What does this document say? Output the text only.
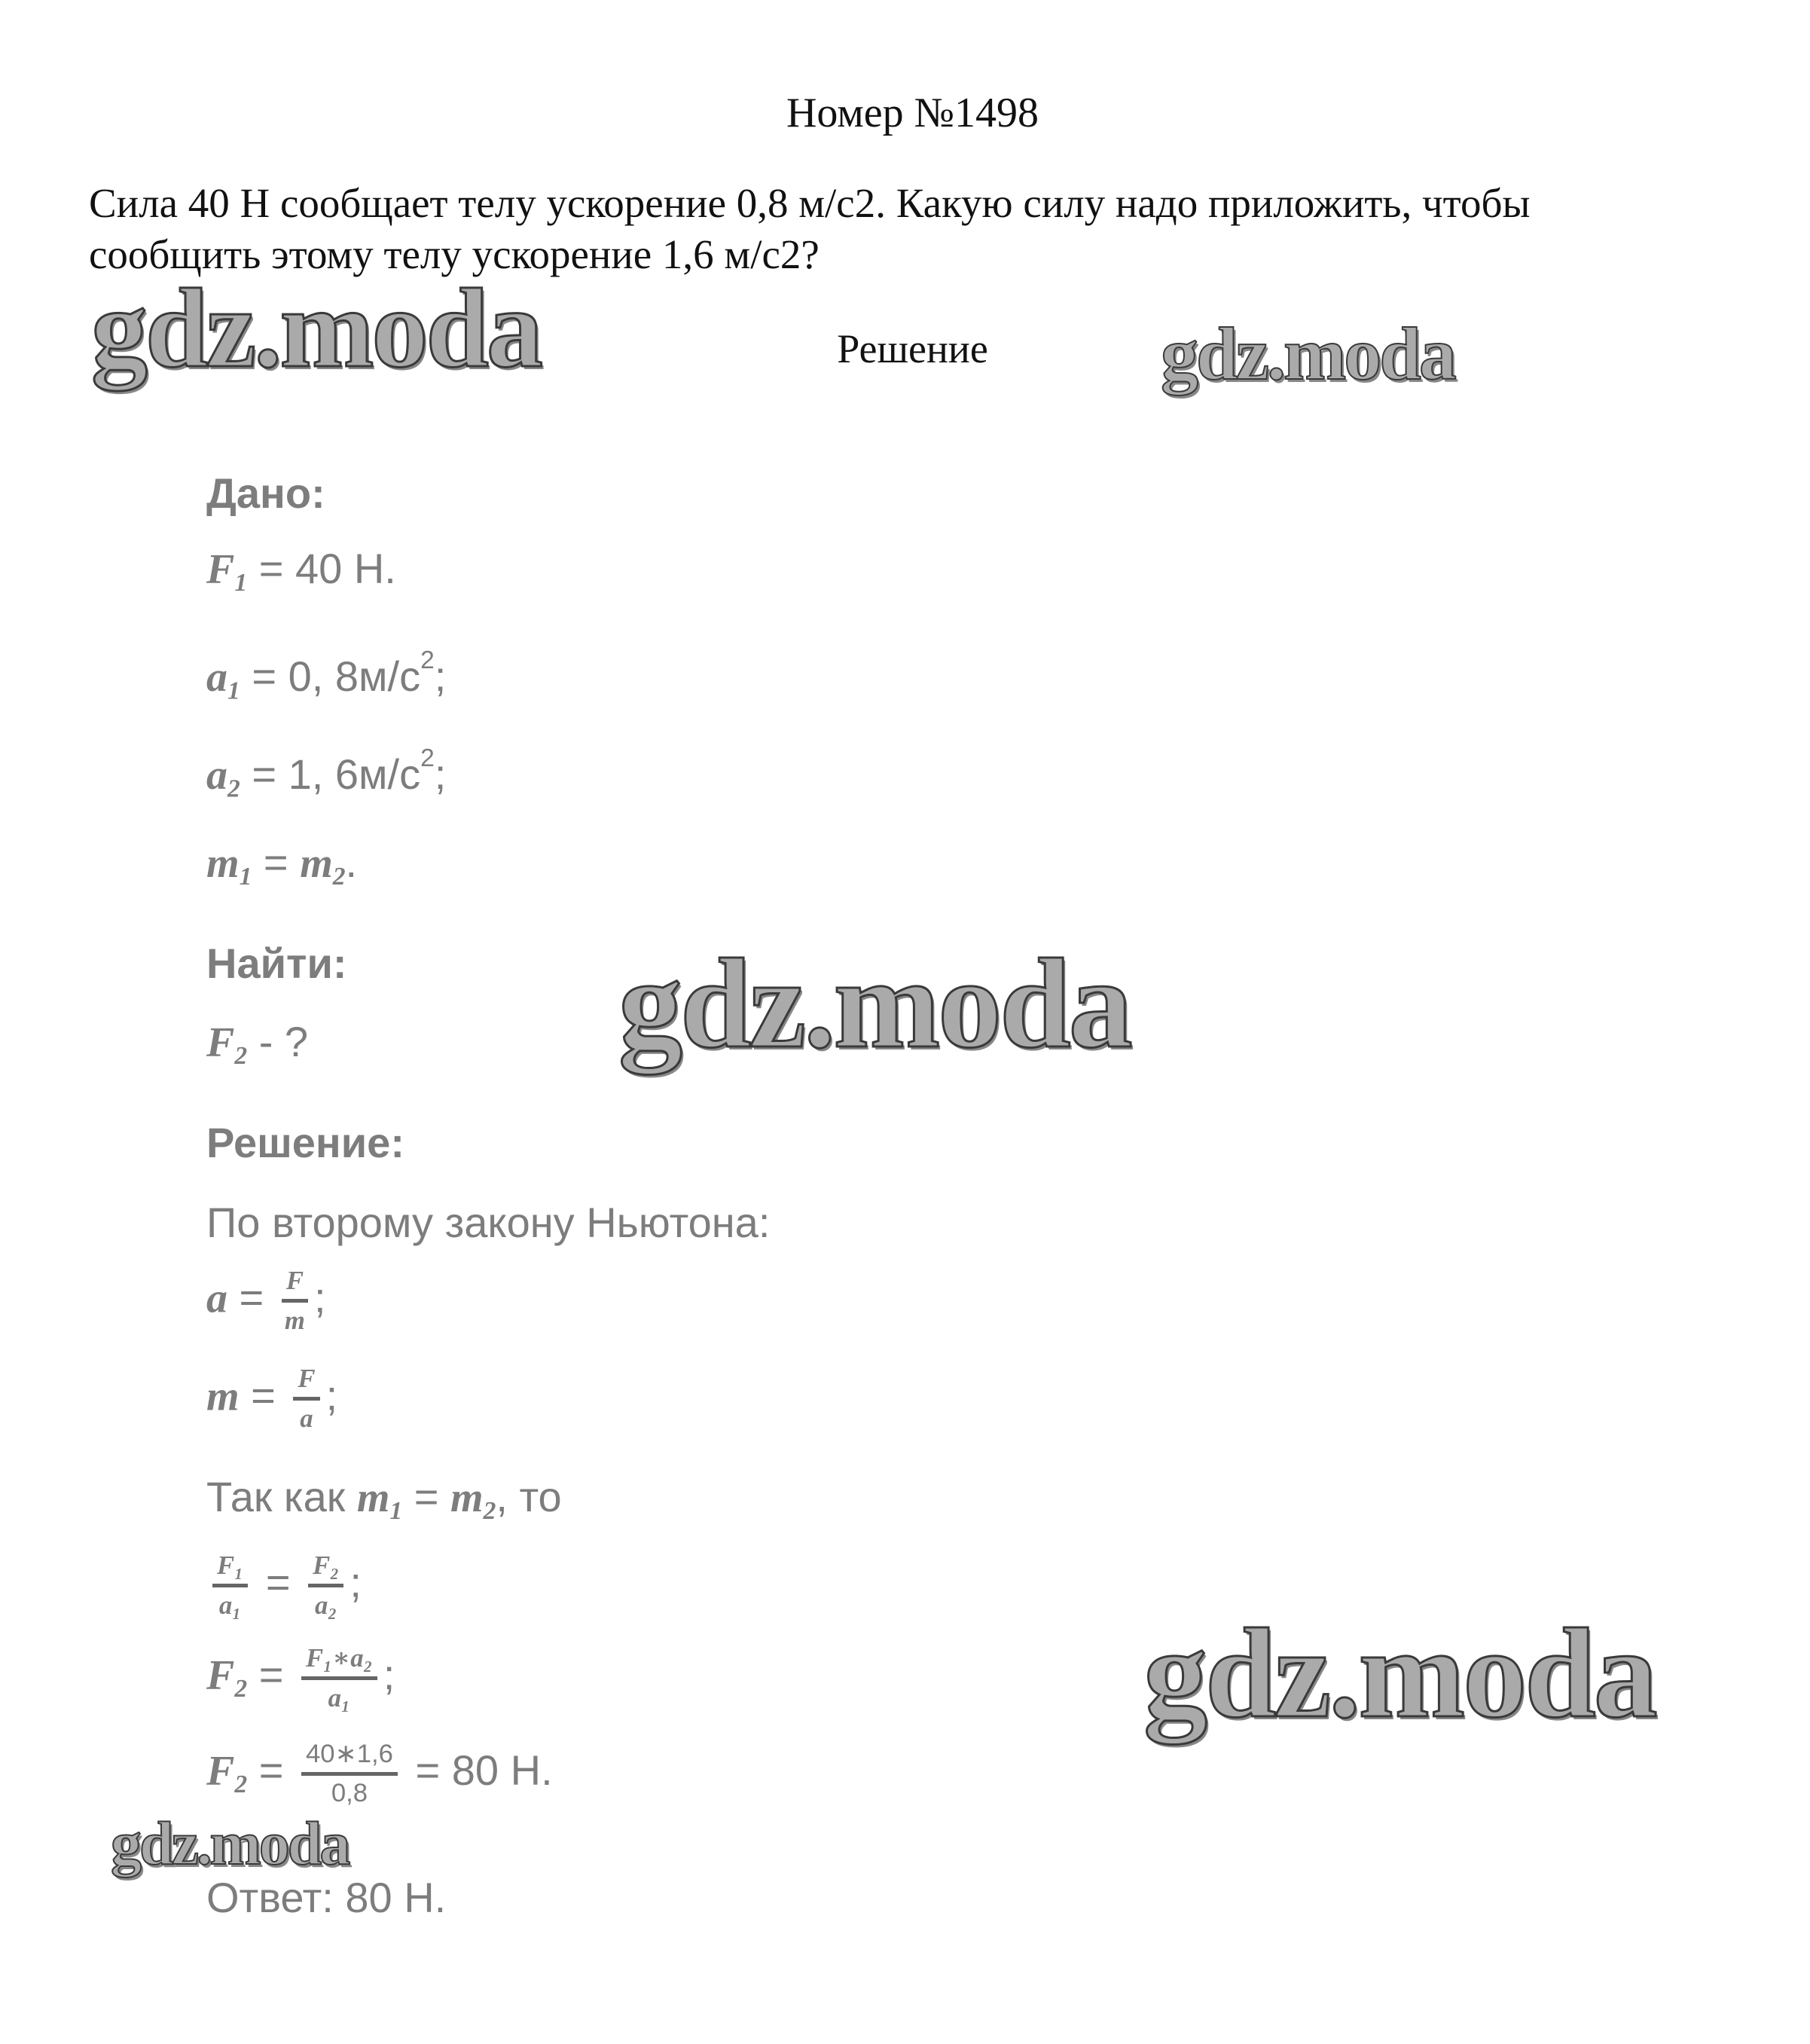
Номер №1498
Сила 40 Н сообщает телу ускорение 0,8 м/с2. Какую силу надо приложить, чтобы
сообщить этому телу ускорение 1,6 м/с2?
Решение
gdz.moda	gdz.moda
gdz.moda
gdz.moda
gdz.moda
Дано:
$F_1 = 40$ Н.
$a_1 = 0$, $8м/с^2$;
$a_2 = 1$, $6м/с^2$;
$m_1 = m_2$.
Найти:
$F_2$ - ?
Решение:
По второму закону Ньютона:
$a = \frac{F}{m}$ ;
$m = \frac{F}{a}$ ;
Так как $m_1 = m_2$, то
$\frac{\text{F₁}}{\text{a₁}} = \frac{\text{F₂}}{\text{a₂}}$ ;
$F_2 = \frac{\text{F₁∗a₂}}{\text{a₁}}$ ;
$F_2 = \frac{40∗1,6}{0,8} = 80$ Н.
Ответ: 80 Н.
